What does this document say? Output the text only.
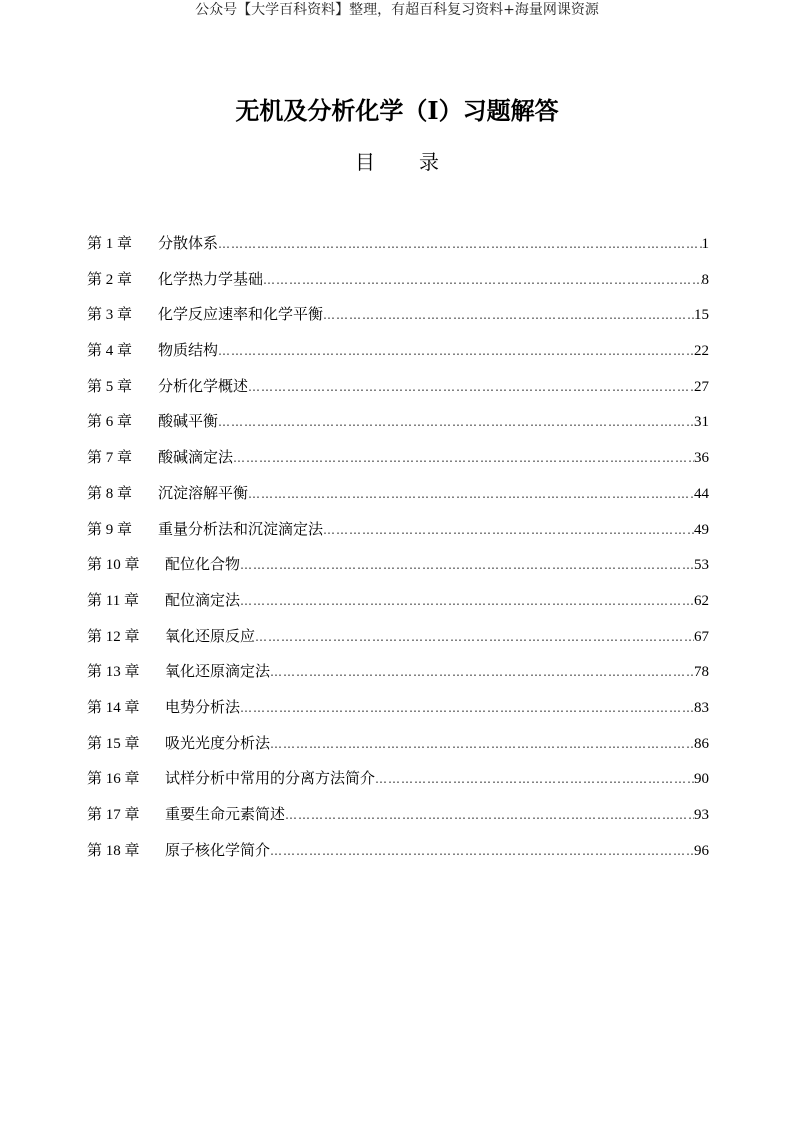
公众号【大学百科资料】整理，有超百科复习资料+海量网课资源
无机及分析化学（Ⅰ）习题解答
目 录
第 1 章	分散体系 ……………………………………………………………………………………………………………………………………………………………………	1
第 2 章	化学热力学基础 ……………………………………………………………………………………………………………………………………………………………………	8
第 3 章	化学反应速率和化学平衡 ……………………………………………………………………………………………………………………………………………………………………	15
第 4 章	物质结构 ……………………………………………………………………………………………………………………………………………………………………	22
第 5 章	分析化学概述 ……………………………………………………………………………………………………………………………………………………………………	27
第 6 章	酸碱平衡 ……………………………………………………………………………………………………………………………………………………………………	31
第 7 章	酸碱滴定法 ……………………………………………………………………………………………………………………………………………………………………	36
第 8 章	沉淀溶解平衡 ……………………………………………………………………………………………………………………………………………………………………	44
第 9 章	重量分析法和沉淀滴定法 ……………………………………………………………………………………………………………………………………………………………………	49
第 10 章	配位化合物 ……………………………………………………………………………………………………………………………………………………………………	53
第 11 章	配位滴定法 ……………………………………………………………………………………………………………………………………………………………………	62
第 12 章	氧化还原反应 ……………………………………………………………………………………………………………………………………………………………………	67
第 13 章	氧化还原滴定法 ……………………………………………………………………………………………………………………………………………………………………	78
第 14 章	电势分析法 ……………………………………………………………………………………………………………………………………………………………………	83
第 15 章	吸光光度分析法 ……………………………………………………………………………………………………………………………………………………………………	86
第 16 章	试样分析中常用的分离方法简介 ……………………………………………………………………………………………………………………………………………………………………	90
第 17 章	重要生命元素简述 ……………………………………………………………………………………………………………………………………………………………………	93
第 18 章	原子核化学简介 ……………………………………………………………………………………………………………………………………………………………………	96
